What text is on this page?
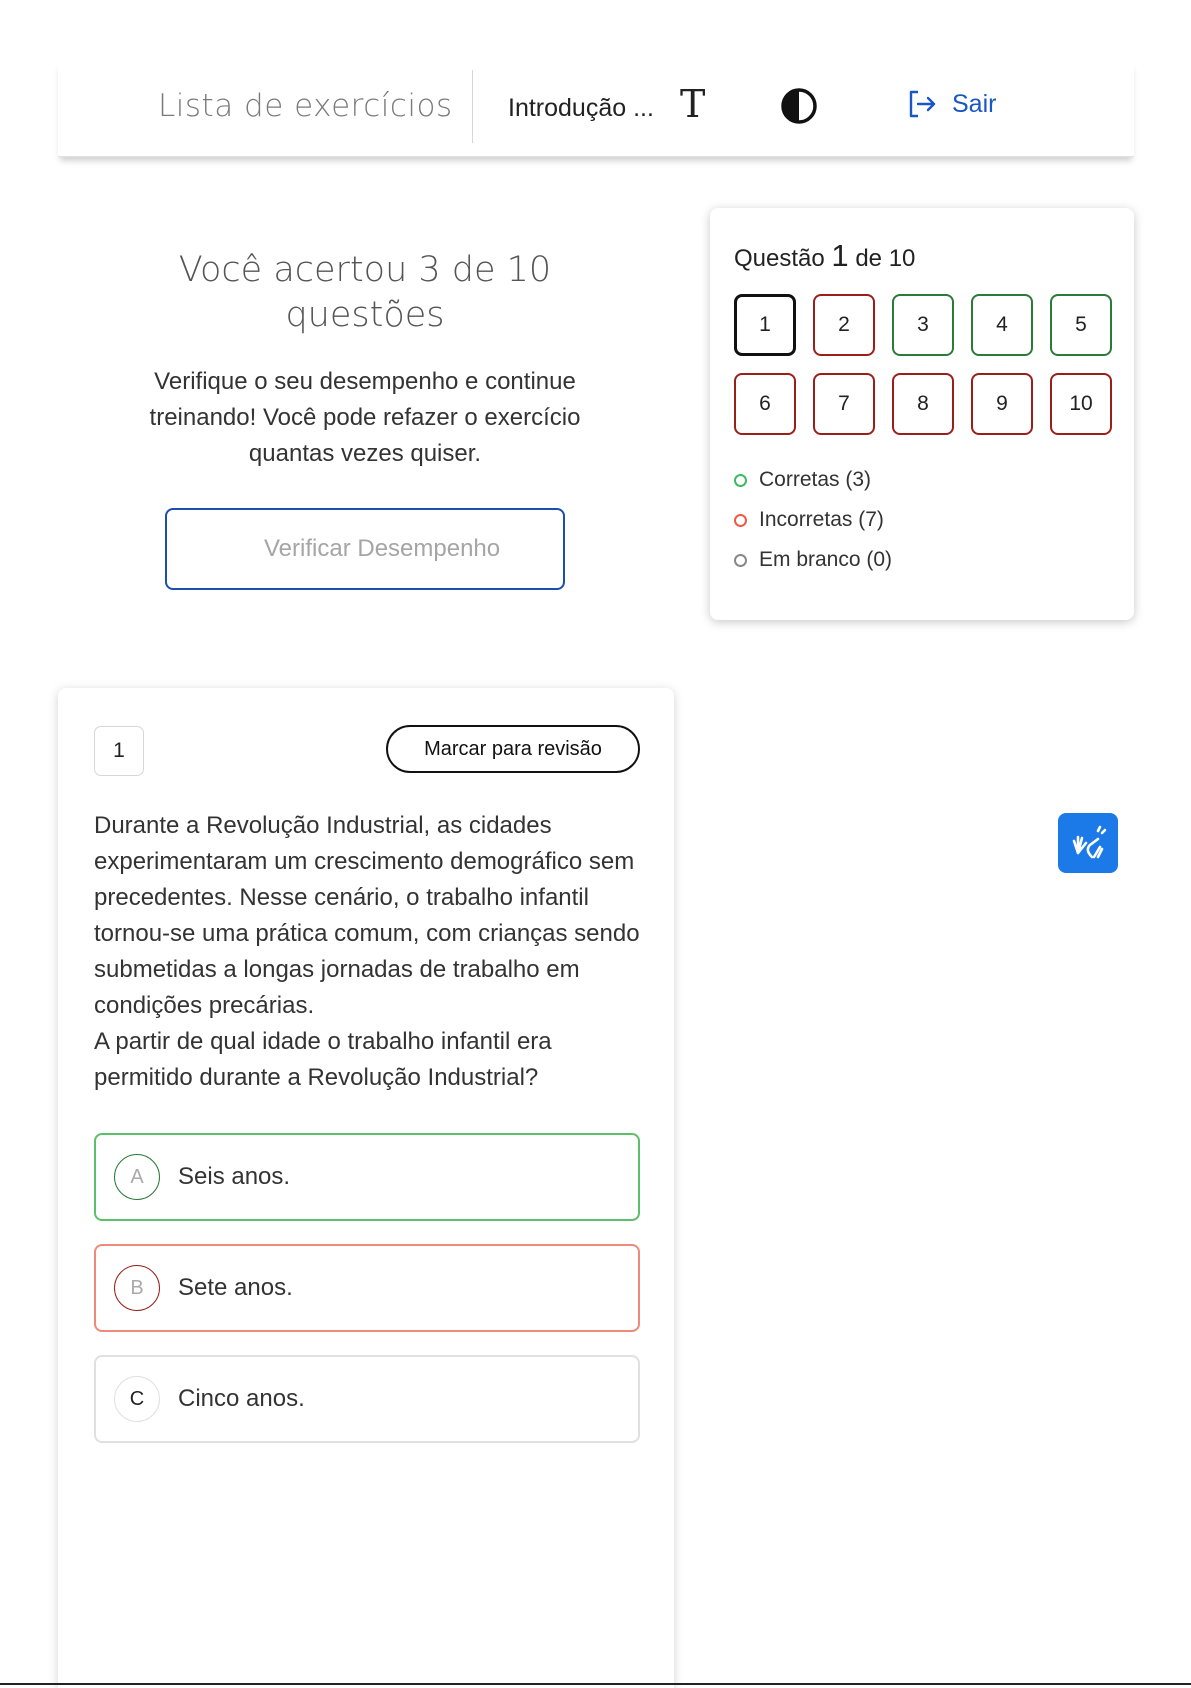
Lista de exercícios Introdução ... T	Sair
Você acertou 3 de 10 questões
Verifique o seu desempenho e continue treinando! Você pode refazer o exercício quantas vezes quiser.
Verificar Desempenho
Questão 1 de 10
1	2	3	4	5
6	7	8	9	10
Corretas (3)
Incorretas (7)
Em branco (0)
1	Marcar para revisão

Durante a Revolução Industrial, as cidades experimentaram um crescimento demográfico sem precedentes. Nesse cenário, o trabalho infantil tornou-se uma prática comum, com crianças sendo submetidas a longas jornadas de trabalho em condições precárias.

A partir de qual idade o trabalho infantil era permitido durante a Revolução Industrial?

A	Seis anos.
B	Sete anos.
C	Cinco anos.
